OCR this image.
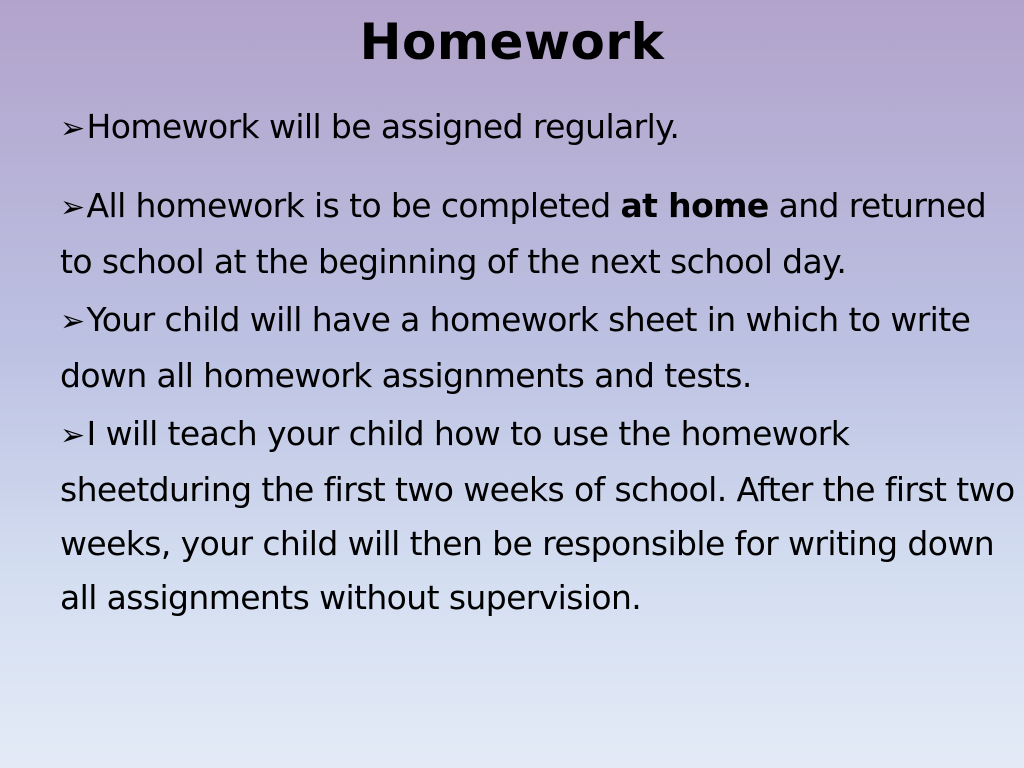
Homework

➢Homework will be assigned regularly.

➢All homework is to be completed at home and returned to school at the beginning of the next school day.

➢Your child will have a homework sheet in which to write down all homework assignments and tests.

➢I will teach your child how to use the homework sheetduring the first two weeks of school. After the first two weeks, your child will then be responsible for writing down all assignments without supervision.
